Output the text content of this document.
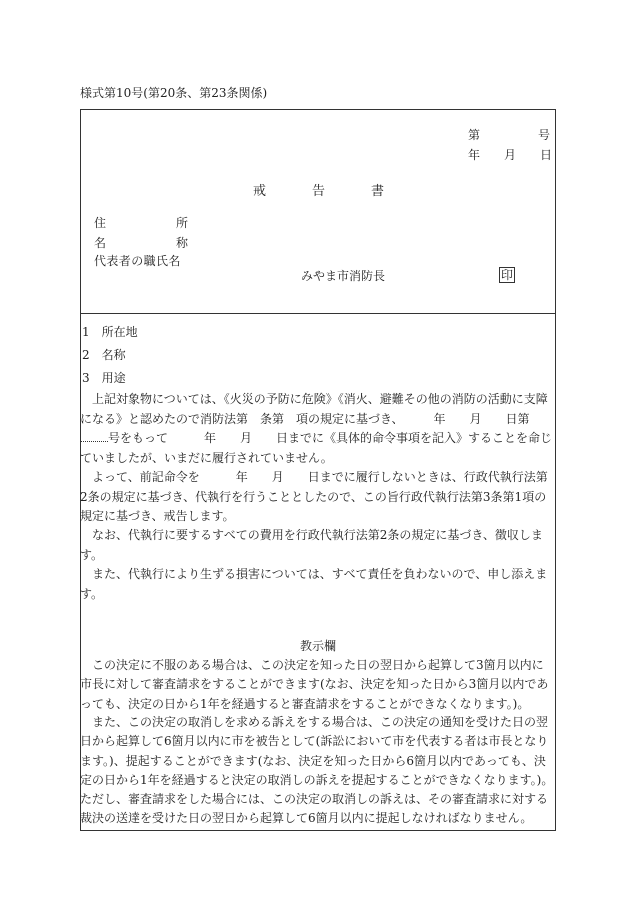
様式第10号(第20条、第23条関係)
第	号
年 月 日
戒	告	書
住	所
名	称
代表者の職氏名
みやま市消防長	印
1 所在地
2 名称
3 用途
　上記対象物については、《火災の予防に危険》《消火、避難その他の消防の活動に支障になる》と認めたので消防法第　条第　項の規定に基づき、　　　年　　月　　日第号をもって　　　年　　月　　日までに《具体的命令事項を記入》することを命じていましたが、いまだに履行されていません。
　よって、前記命令を　　　年　　月　　日までに履行しないときは、行政代執行法第2条の規定に基づき、代執行を行うこととしたので、この旨行政代執行法第3条第1項の規定に基づき、戒告します。
　なお、代執行に要するすべての費用を行政代執行法第2条の規定に基づき、徴収します。
　また、代執行により生ずる損害については、すべて責任を負わないので、申し添えます。
教示欄
　この決定に不服のある場合は、この決定を知った日の翌日から起算して3箇月以内に市長に対して審査請求をすることができます(なお、決定を知った日から3箇月以内であっても、決定の日から1年を経過すると審査請求をすることができなくなります。)。
　また、この決定の取消しを求める訴えをする場合は、この決定の通知を受けた日の翌日から起算して6箇月以内に市を被告として(訴訟において市を代表する者は市長となります。)、提起することができます(なお、決定を知った日から6箇月以内であっても、決定の日から1年を経過すると決定の取消しの訴えを提起することができなくなります。)。ただし、審査請求をした場合には、この決定の取消しの訴えは、その審査請求に対する裁決の送達を受けた日の翌日から起算して6箇月以内に提起しなければなりません。
